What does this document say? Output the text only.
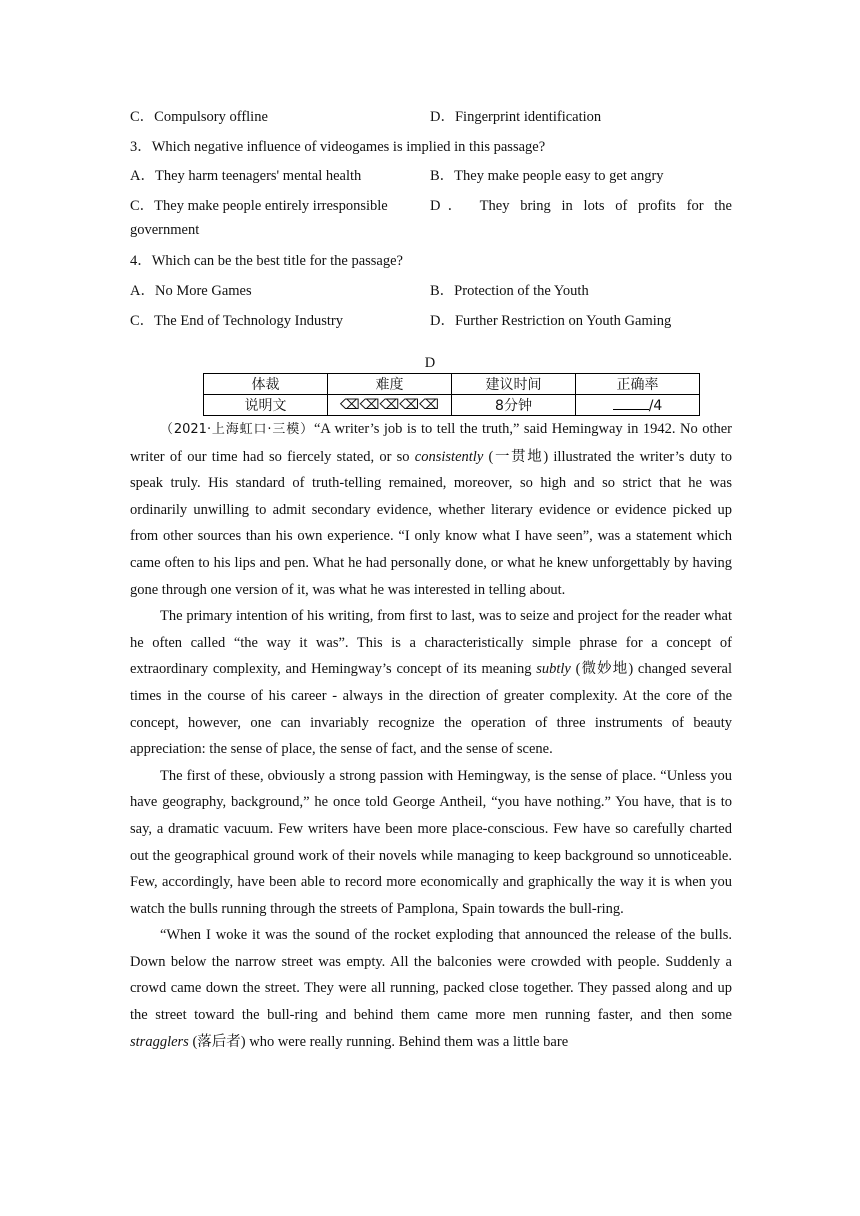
C．Compulsory offline	D．Fingerprint identification
3．Which negative influence of videogames is implied in this passage?
A．They harm teenagers' mental health	B．They make people easy to get angry
C．They make people entirely irresponsible	D． They bring in lots of profits for the
government
4．Which can be the best title for the passage?
A．No More Games	B．Protection of the Youth
C．The End of Technology Industry	D．Further Restriction on Youth Gaming
D
体裁	难度	建议时间	正确率
说明文	⌫⌫⌫⌫⌫	8分钟	/4

（2021·上海虹口·三模）“A writer’s job is to tell the truth,” said Hemingway in 1942. No other writer of our time had so fiercely stated, or so consistently (一贯地) illustrated the writer’s duty to speak truly. His standard of truth-telling remained, moreover, so high and so strict that he was ordinarily unwilling to admit secondary evidence, whether literary evidence or evidence picked up from other sources than his own experience. “I only know what I have seen”, was a statement which came often to his lips and pen. What he had personally done, or what he knew unforgettably by having gone through one version of it, was what he was interested in telling about.

The primary intention of his writing, from first to last, was to seize and project for the reader what he often called “the way it was”. This is a characteristically simple phrase for a concept of extraordinary complexity, and Hemingway’s concept of its meaning subtly (微妙地) changed several times in the course of his career - always in the direction of greater complexity. At the core of the concept, however, one can invariably recognize the operation of three instruments of beauty appreciation: the sense of place, the sense of fact, and the sense of scene.

The first of these, obviously a strong passion with Hemingway, is the sense of place. “Unless you have geography, background,” he once told George Antheil, “you have nothing.” You have, that is to say, a dramatic vacuum. Few writers have been more place-conscious. Few have so carefully charted out the geographical ground work of their novels while managing to keep background so unnoticeable. Few, accordingly, have been able to record more economically and graphically the way it is when you watch the bulls running through the streets of Pamplona, Spain towards the bull-ring.

“When I woke it was the sound of the rocket exploding that announced the release of the bulls. Down below the narrow street was empty. All the balconies were crowded with people. Suddenly a crowd came down the street. They were all running, packed close together. They passed along and up the street toward the bull-ring and behind them came more men running faster, and then some stragglers (落后者) who were really running. Behind them was a little bare
